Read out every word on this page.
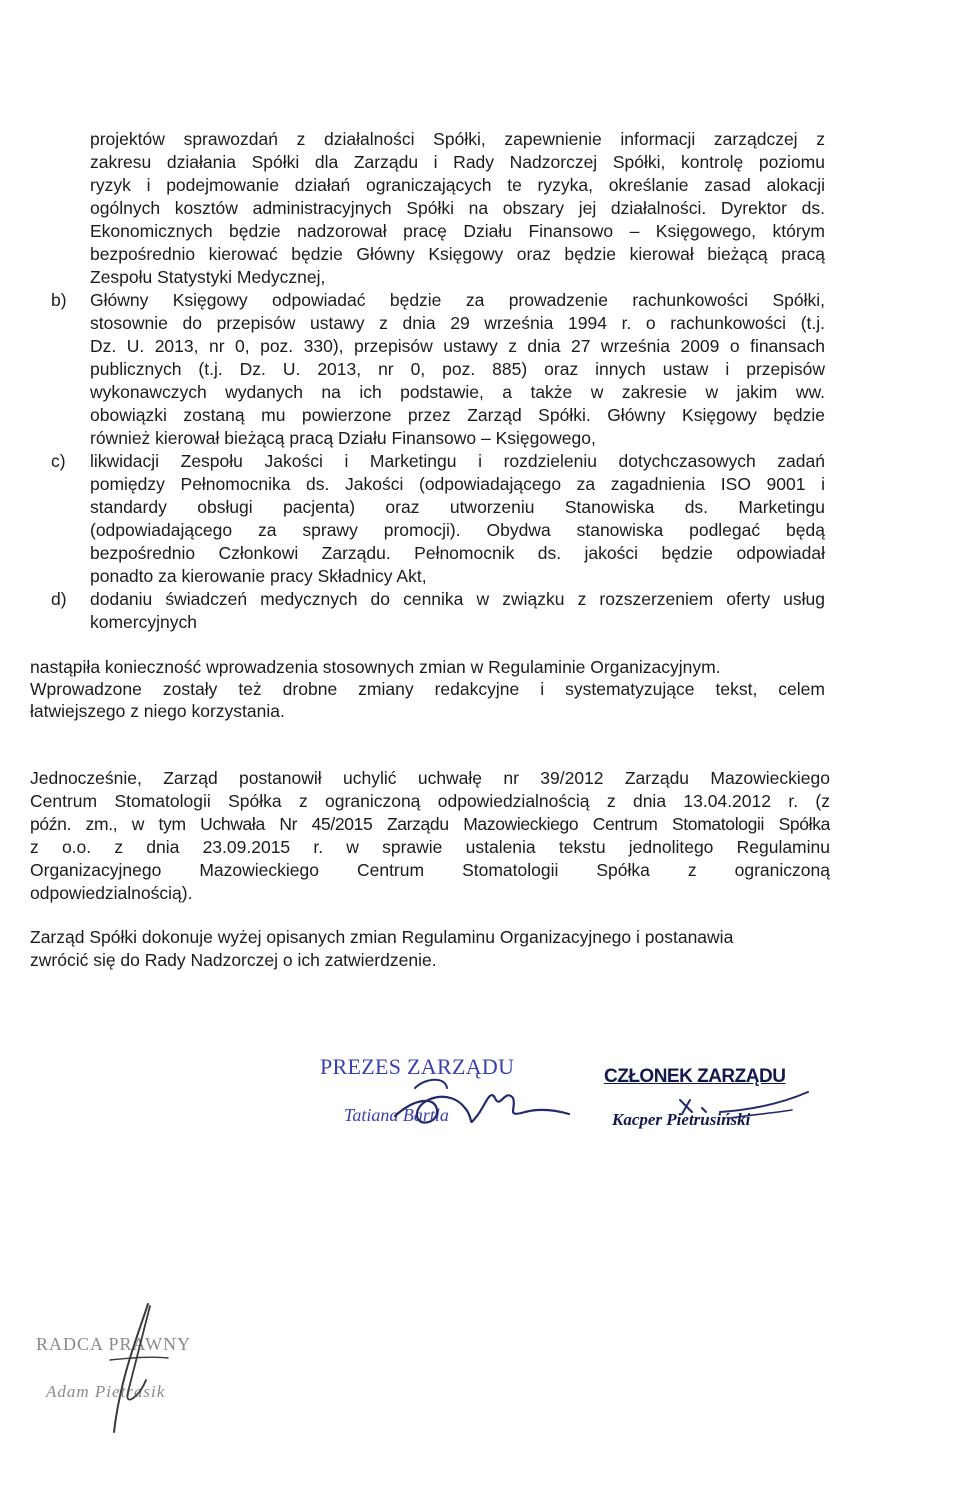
projektów sprawozdań z działalności Spółki, zapewnienie informacji zarządczej z
zakresu działania Spółki dla Zarządu i Rady Nadzorczej Spółki, kontrolę poziomu
ryzyk i podejmowanie działań ograniczających te ryzyka, określanie zasad alokacji
ogólnych kosztów administracyjnych Spółki na obszary jej działalności. Dyrektor ds.
Ekonomicznych będzie nadzorował pracę Działu Finansowo – Księgowego, którym
bezpośrednio kierować będzie Główny Księgowy oraz będzie kierował bieżącą pracą
Zespołu Statystyki Medycznej,
b) Główny Księgowy odpowiadać będzie za prowadzenie rachunkowości Spółki,
stosownie do przepisów ustawy z dnia 29 września 1994 r. o rachunkowości (t.j.
Dz. U. 2013, nr 0, poz. 330), przepisów ustawy z dnia 27 września 2009 o finansach
publicznych (t.j. Dz. U. 2013, nr 0, poz. 885) oraz innych ustaw i przepisów
wykonawczych wydanych na ich podstawie, a także w zakresie w jakim ww.
obowiązki zostaną mu powierzone przez Zarząd Spółki. Główny Księgowy będzie
również kierował bieżącą pracą Działu Finansowo – Księgowego,
c) likwidacji Zespołu Jakości i Marketingu i rozdzieleniu dotychczasowych zadań
pomiędzy Pełnomocnika ds. Jakości (odpowiadającego za zagadnienia ISO 9001 i
standardy obsługi pacjenta) oraz utworzeniu Stanowiska ds. Marketingu
(odpowiadającego za sprawy promocji). Obydwa stanowiska podlegać będą
bezpośrednio Członkowi Zarządu. Pełnomocnik ds. jakości będzie odpowiadał
ponadto za kierowanie pracy Składnicy Akt,
d) dodaniu świadczeń medycznych do cennika w związku z rozszerzeniem oferty usług
komercyjnych
nastąpiła konieczność wprowadzenia stosownych zmian w Regulaminie Organizacyjnym.
Wprowadzone zostały też drobne zmiany redakcyjne i systematyzujące tekst, celem
łatwiejszego z niego korzystania.
Jednocześnie, Zarząd postanowił uchylić uchwałę nr 39/2012 Zarządu Mazowieckiego
Centrum Stomatologii Spółka z ograniczoną odpowiedzialnością z dnia 13.04.2012 r. (z
późn. zm., w tym Uchwała Nr 45/2015 Zarządu Mazowieckiego Centrum Stomatologii Spółka
z o.o. z dnia 23.09.2015 r. w sprawie ustalenia tekstu jednolitego Regulaminu
Organizacyjnego Mazowieckiego Centrum Stomatologii Spółka z ograniczoną
odpowiedzialnością).
Zarząd Spółki dokonuje wyżej opisanych zmian Regulaminu Organizacyjnego i postanawia
zwrócić się do Rady Nadzorczej o ich zatwierdzenie.
PREZES ZARZĄDU
Tatiana Bartla
CZŁONEK ZARZĄDU
Kacper Pietrusiński
RADCA PRAWNY
Adam Pietrasik
